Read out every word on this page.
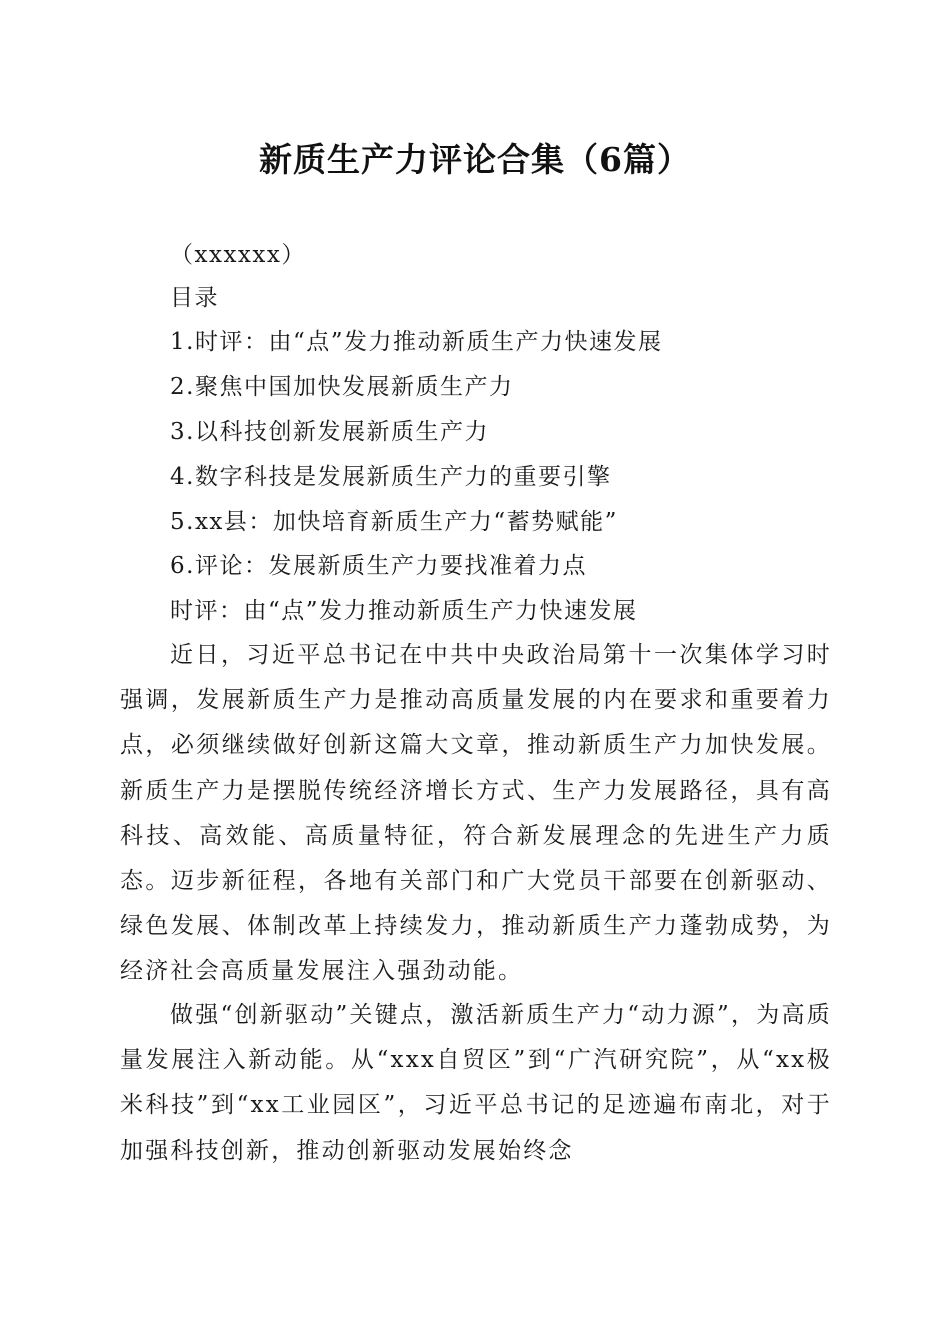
新质生产力评论合集（6篇）

（xxxxxx）

目录

1.时评：由“点”发力推动新质生产力快速发展

2.聚焦中国加快发展新质生产力

3.以科技创新发展新质生产力

4.数字科技是发展新质生产力的重要引擎

5.xx县：加快培育新质生产力“蓄势赋能”

6.评论：发展新质生产力要找准着力点

时评：由“点”发力推动新质生产力快速发展

近日，习近平总书记在中共中央政治局第十一次集体学习时强调，发展新质生产力是推动高质量发展的内在要求和重要着力点，必须继续做好创新这篇大文章，推动新质生产力加快发展。新质生产力是摆脱传统经济增长方式、生产力发展路径，具有高科技、高效能、高质量特征，符合新发展理念的先进生产力质态。迈步新征程，各地有关部门和广大党员干部要在创新驱动、绿色发展、体制改革上持续发力，推动新质生产力蓬勃成势，为经济社会高质量发展注入强劲动能。

做强“创新驱动”关键点，激活新质生产力“动力源”，为高质量发展注入新动能。从“xxx自贸区”到“广汽研究院”，从“xx极米科技”到“xx工业园区”，习近平总书记的足迹遍布南北，对于加强科技创新，推动创新驱动发展始终念
